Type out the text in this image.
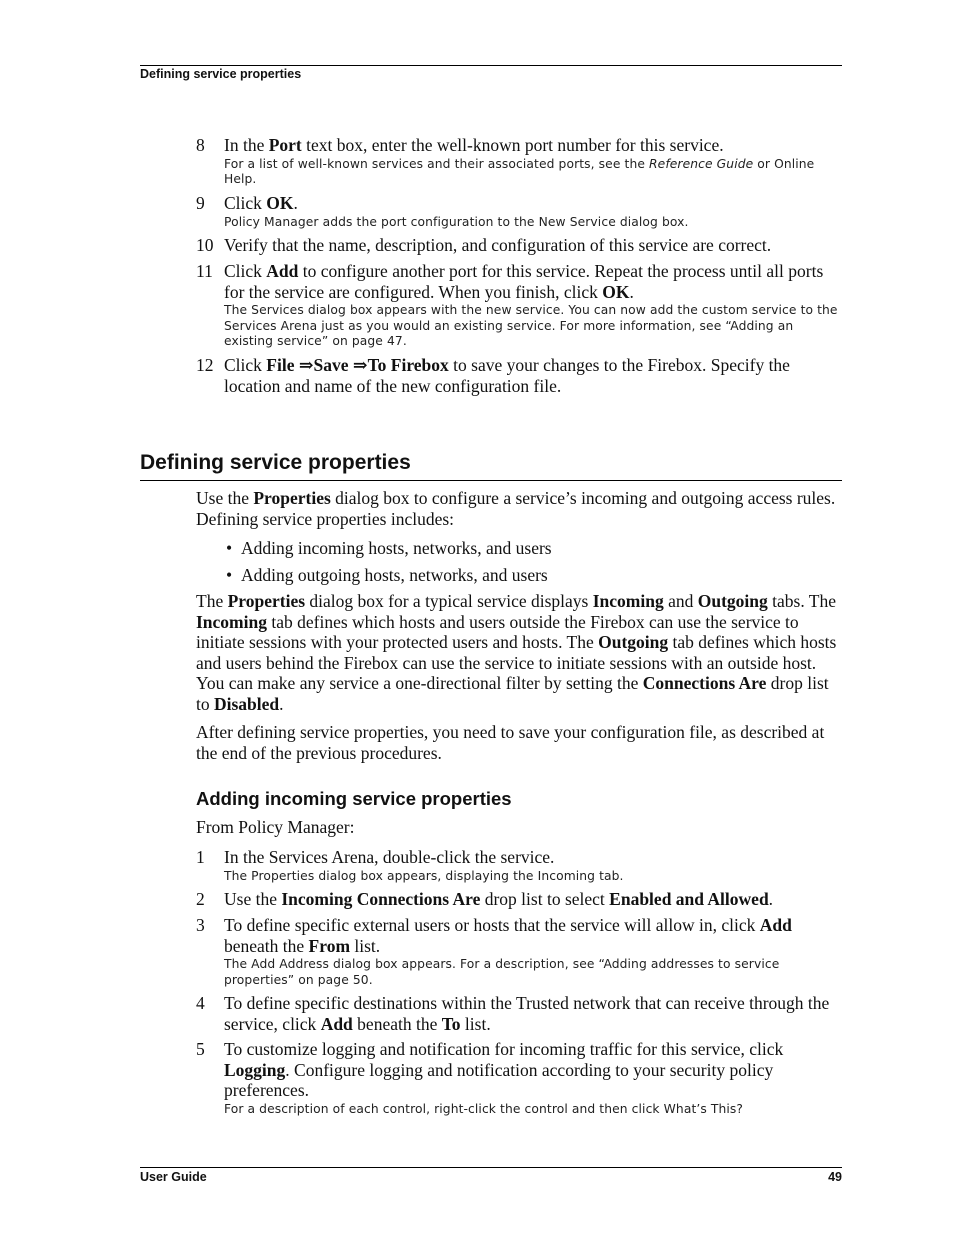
Defining service properties
8 In the Port text box, enter the well-known port number for this service.
For a list of well-known services and their associated ports, see the Reference Guide or Online Help.
9 Click OK.
Policy Manager adds the port configuration to the New Service dialog box.
10 Verify that the name, description, and configuration of this service are correct.
11 Click Add to configure another port for this service. Repeat the process until all ports for the service are configured. When you finish, click OK.
The Services dialog box appears with the new service. You can now add the custom service to the Services Arena just as you would an existing service. For more information, see “Adding an existing service” on page 47.
12 Click File ⇒Save ⇒To Firebox to save your changes to the Firebox. Specify the location and name of the new configuration file.
Defining service properties
Use the Properties dialog box to configure a service’s incoming and outgoing access rules. Defining service properties includes:
• Adding incoming hosts, networks, and users
• Adding outgoing hosts, networks, and users
The Properties dialog box for a typical service displays Incoming and Outgoing tabs. The Incoming tab defines which hosts and users outside the Firebox can use the service to initiate sessions with your protected users and hosts. The Outgoing tab defines which hosts and users behind the Firebox can use the service to initiate sessions with an outside host. You can make any service a one-directional filter by setting the Connections Are drop list to Disabled.
After defining service properties, you need to save your configuration file, as described at the end of the previous procedures.
Adding incoming service properties
From Policy Manager:
1 In the Services Arena, double-click the service.
The Properties dialog box appears, displaying the Incoming tab.
2 Use the Incoming Connections Are drop list to select Enabled and Allowed.
3 To define specific external users or hosts that the service will allow in, click Add beneath the From list.
The Add Address dialog box appears. For a description, see “Adding addresses to service properties” on page 50.
4 To define specific destinations within the Trusted network that can receive through the service, click Add beneath the To list.
5 To customize logging and notification for incoming traffic for this service, click Logging. Configure logging and notification according to your security policy preferences.
For a description of each control, right-click the control and then click What’s This?
User Guide	49
